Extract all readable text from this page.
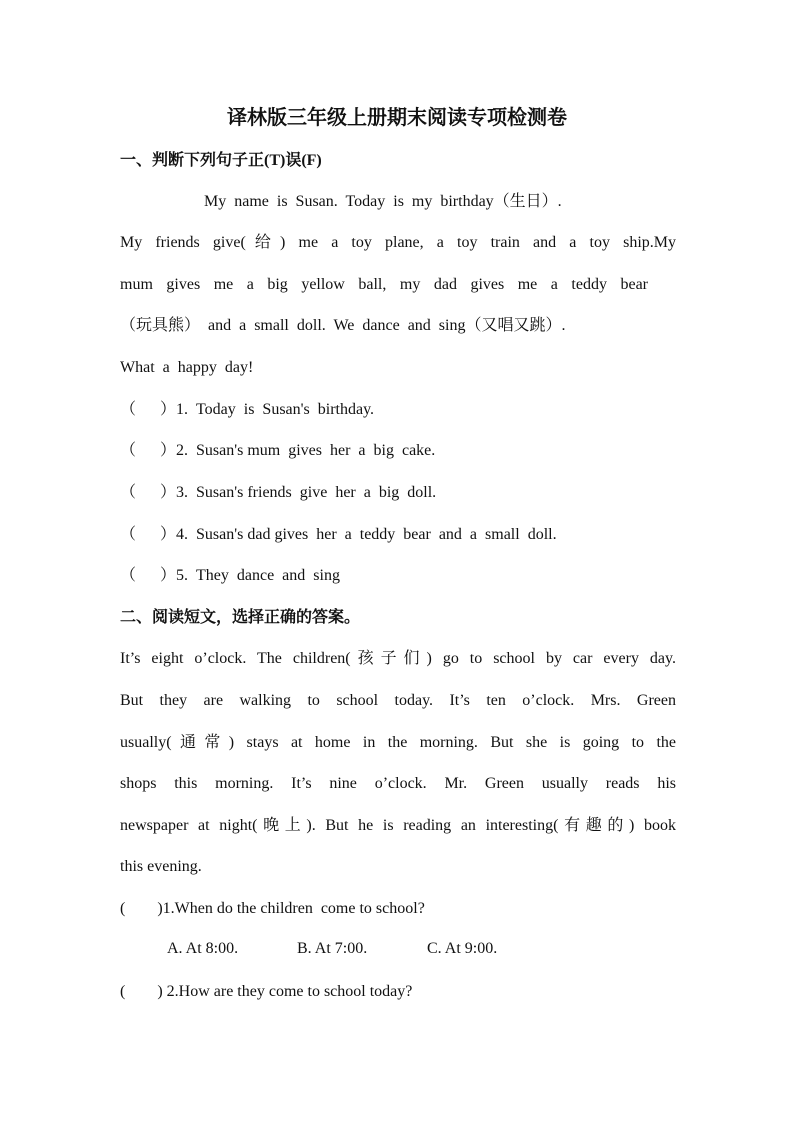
译林版三年级上册期末阅读专项检测卷
一、判断下列句子正(T)误(F)
My  name  is  Susan.  Today  is  my  birthday（生日）.
My friends give(给) me a toy plane, a toy train and a toy ship.My
mum gives me a big yellow ball, my dad gives me a teddy bear
（玩具熊）  and  a  small  doll.  We  dance  and  sing（又唱又跳）.
What  a  happy  day!
（      ）1.  Today  is  Susan's  birthday.
（      ）2.  Susan's mum  gives  her  a  big  cake.
（      ）3.  Susan's friends  give  her  a  big  doll.
（      ）4.  Susan's dad gives  her  a  teddy  bear  and  a  small  doll.
（      ）5.  They  dance  and  sing
二、阅读短文，选择正确的答案。
It’s eight o’clock. The children(孩子们) go to school by car every day.
But they are walking to school today. It’s ten o’clock. Mrs. Green
usually(通常) stays at home in the morning. But she is going to the
shops this morning. It’s nine o’clock. Mr. Green usually reads his
newspaper at night(晚上). But he is reading an interesting(有趣的) book
this evening.
(        )1.When do the children  come to school?
A. At 8:00.	B. At 7:00.	C. At 9:00.
(        ) 2.How are they come to school today?
